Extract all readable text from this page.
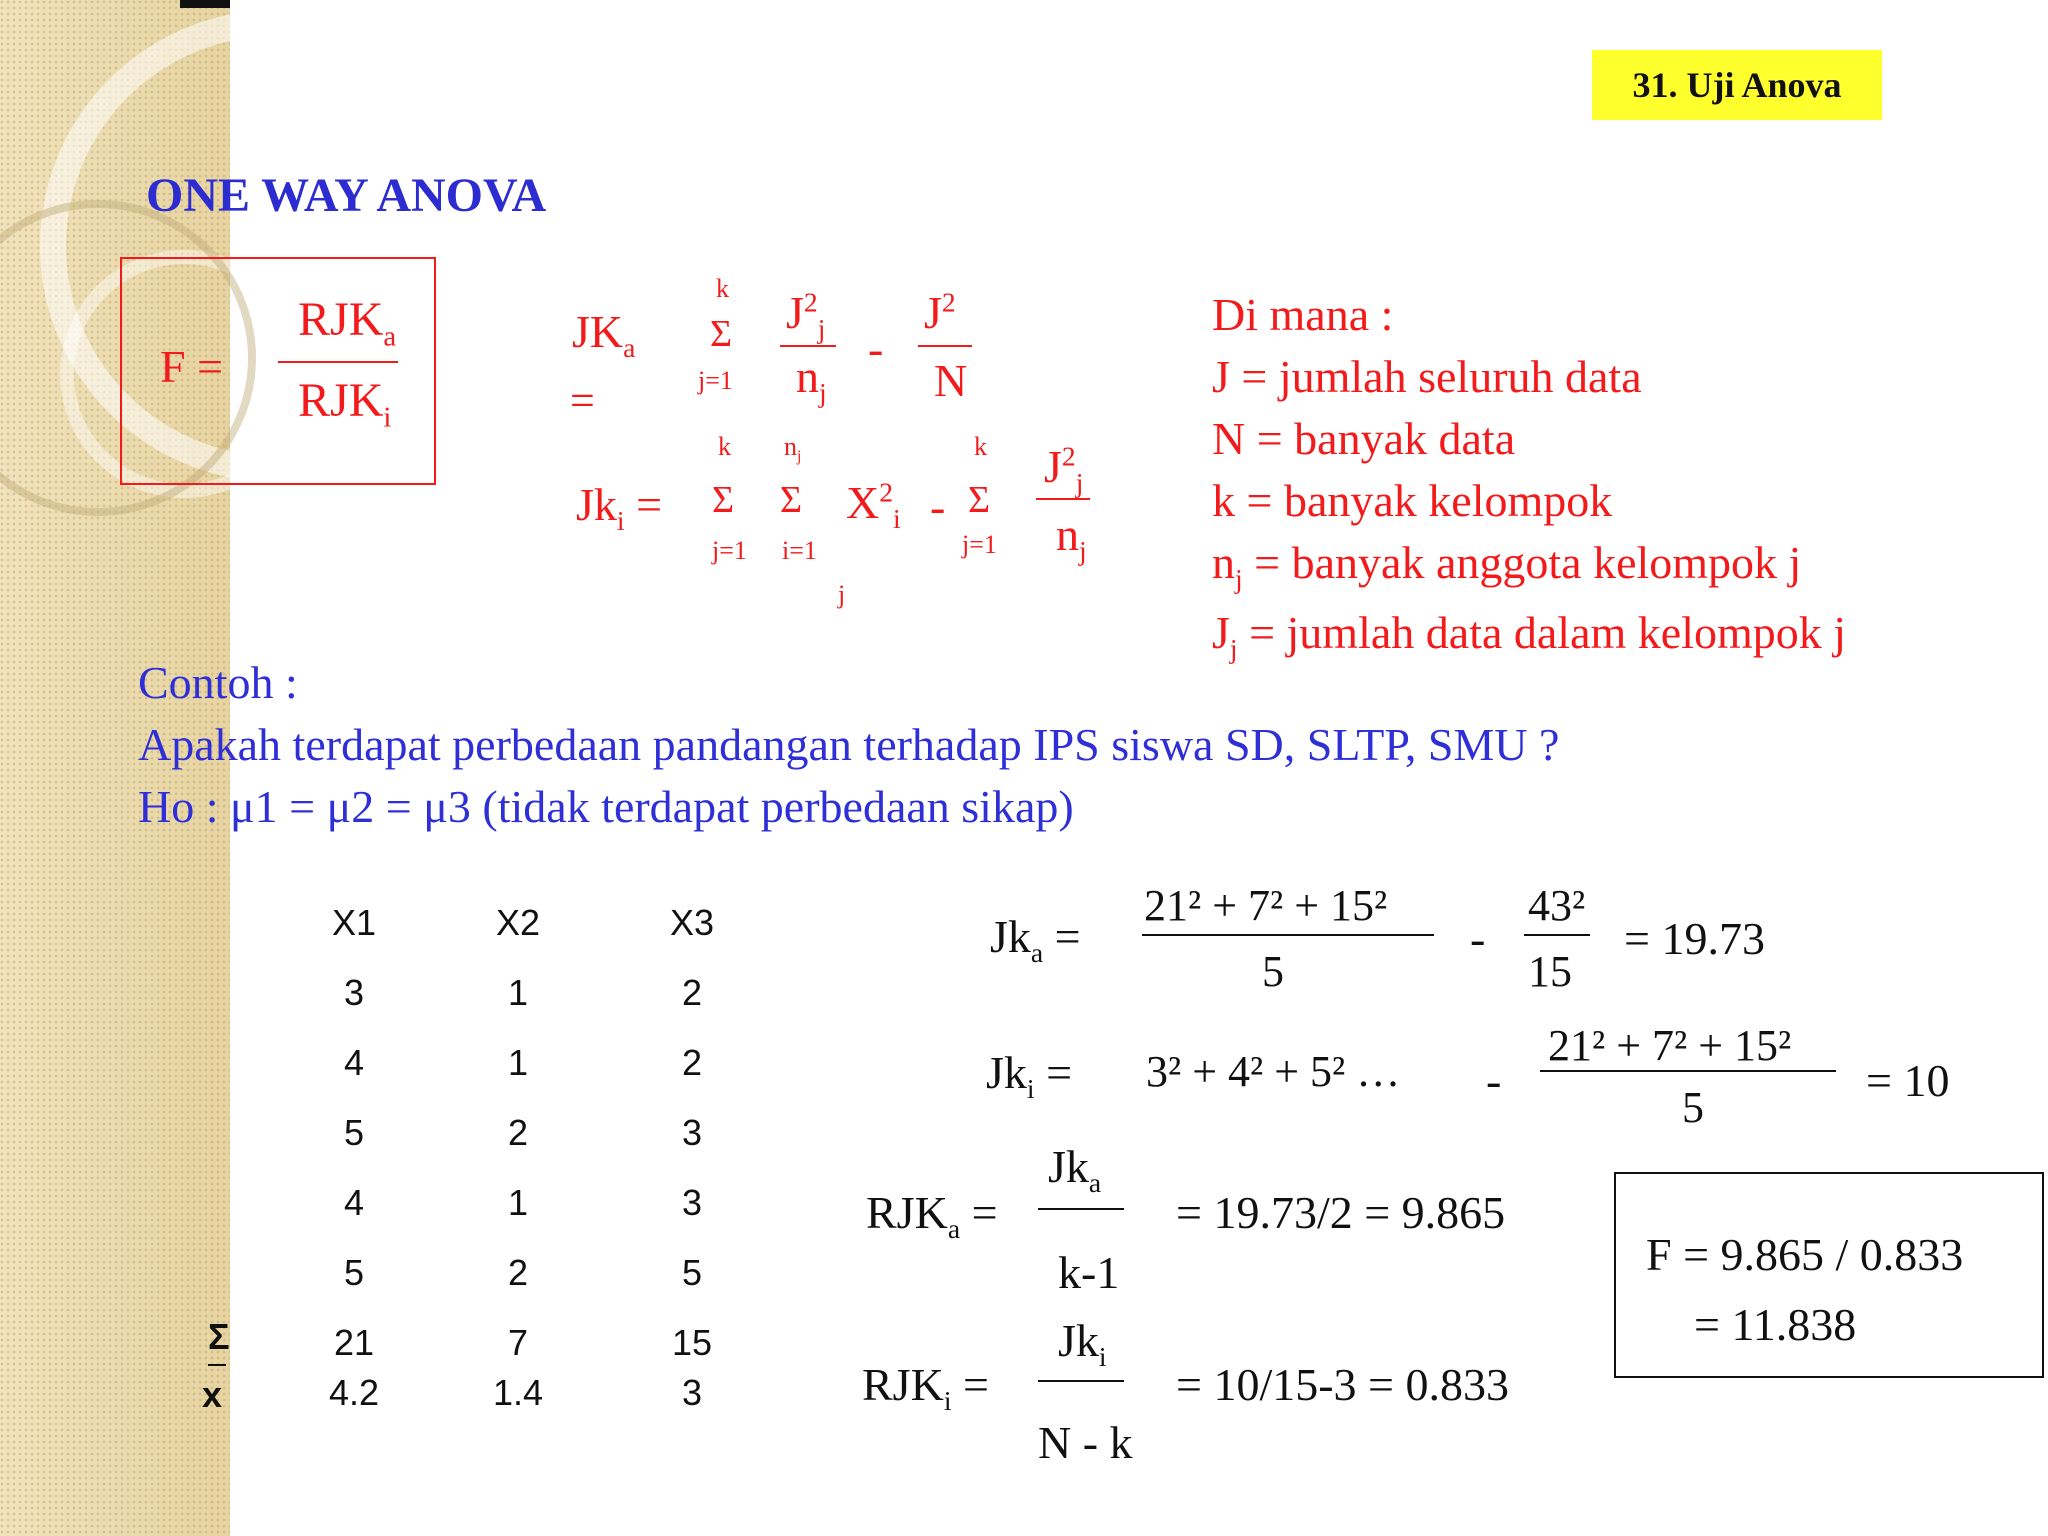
31. Uji Anova
ONE WAY ANOVA
F =
$RJK_a$
$RJK_i$
$JK_a$
=
k
Σ
j=1
$J^2_j$
$n_j$
-
$J^2$
N
$Jk_i$ =
k
Σ
j=1
$n_j$
Σ
i=1
$X^2_i$
j
-
k
Σ
j=1
$J^2_j$
$n_j$
Di mana :
J = jumlah seluruh data
N = banyak data
k = banyak kelompok
$n_j$ = banyak anggota kelompok j
$J_j$ = jumlah data dalam kelompok j
Contoh :
Apakah terdapat perbedaan pandangan terhadap IPS siswa SD, SLTP, SMU ?
Ho : μ1 = μ2 = μ3 (tidak terdapat perbedaan sikap)
X1	X2	X3
3	1	2
4	1	2
5	2	3
4	1	3
5	2	5
Σ	21	7	15
x	4.2	1.4	3
$Jk_a$ =
21² + 7² + 15²
5
-
43²
15
= 19.73
$Jk_i = 3^2 + 4^2 + 5^2$ … -
21² + 7² + 15²
5
= 10
$RJK_a$ =
$Jk_a$
k-1
= 19.73/2 = 9.865
$RJK_i$ =
$Jk_i$
N - k
= 10/15-3 = 0.833
F = 9.865 / 0.833
= 11.838
